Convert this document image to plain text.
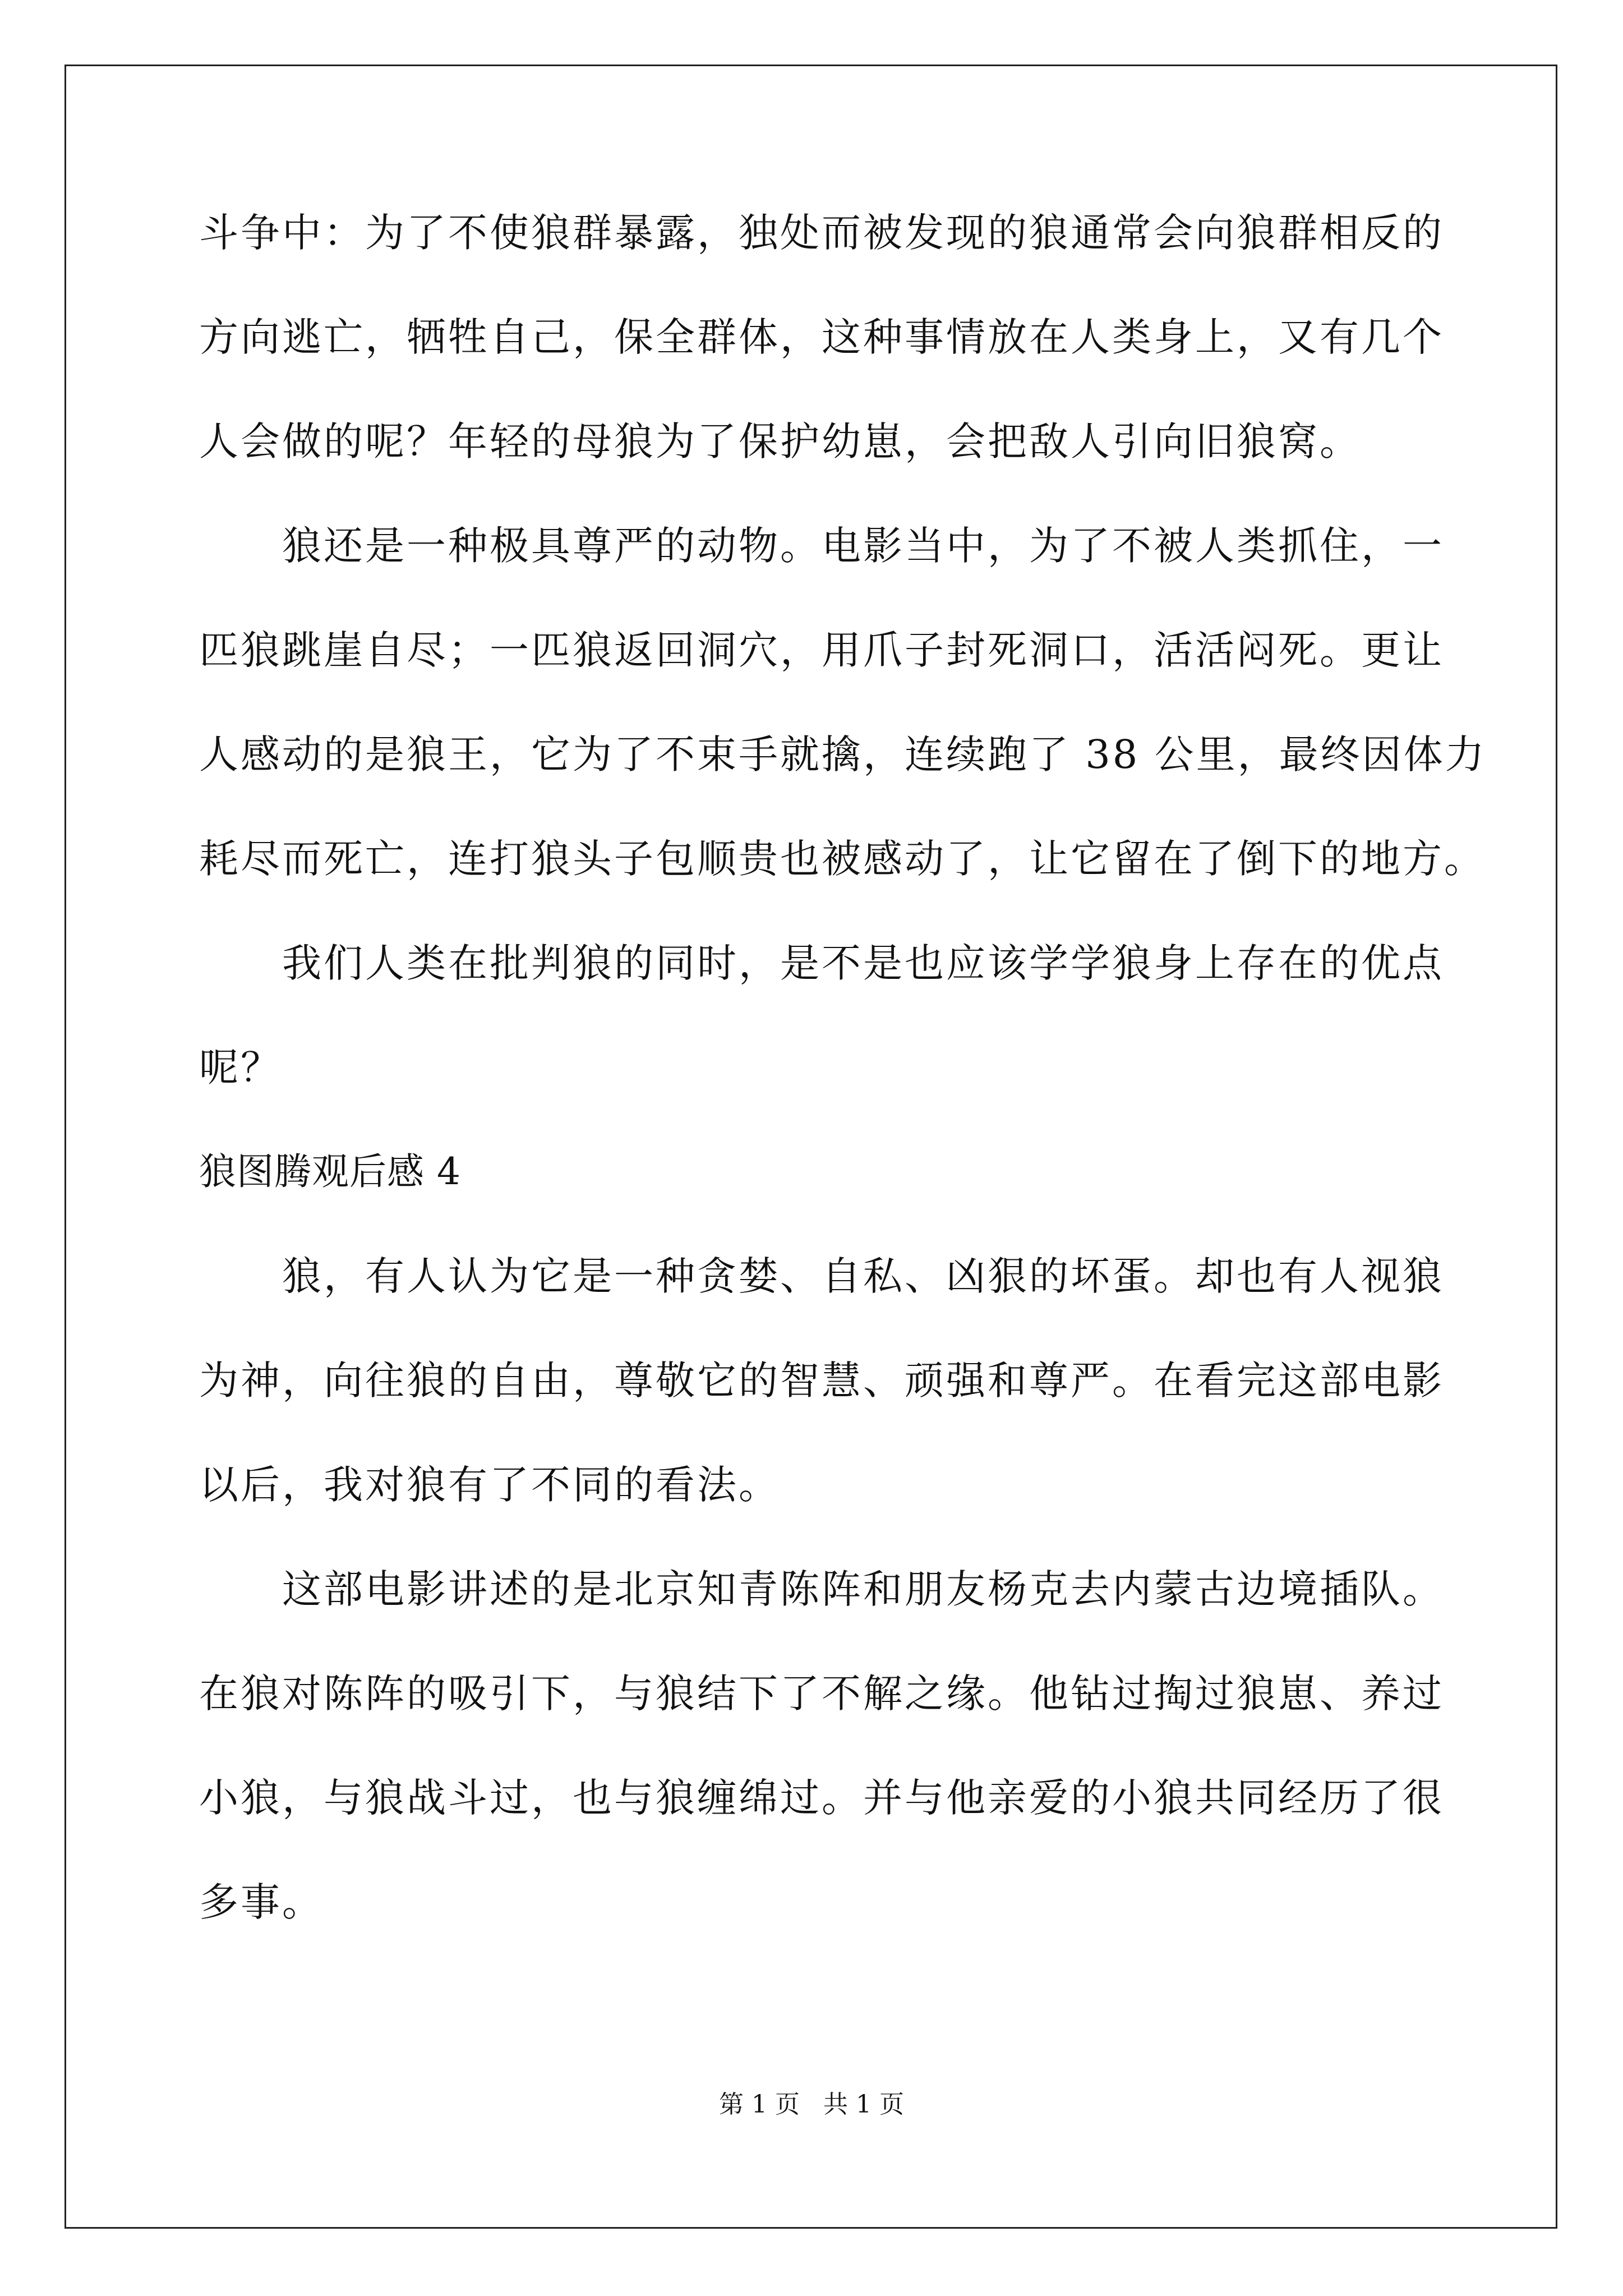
斗争中：为了不使狼群暴露，独处而被发现的狼通常会向狼群相反的
方向逃亡，牺牲自己，保全群体，这种事情放在人类身上，又有几个
人会做的呢？年轻的母狼为了保护幼崽，会把敌人引向旧狼窝。
狼还是一种极具尊严的动物。电影当中，为了不被人类抓住，一
匹狼跳崖自尽；一匹狼返回洞穴，用爪子封死洞口，活活闷死。更让
人感动的是狼王，它为了不束手就擒，连续跑了 38 公里，最终因体力
耗尽而死亡，连打狼头子包顺贵也被感动了，让它留在了倒下的地方。
我们人类在批判狼的同时，是不是也应该学学狼身上存在的优点
呢？
狼图腾观后感 4
狼，有人认为它是一种贪婪、自私、凶狠的坏蛋。却也有人视狼
为神，向往狼的自由，尊敬它的智慧、顽强和尊严。在看完这部电影
以后，我对狼有了不同的看法。
这部电影讲述的是北京知青陈阵和朋友杨克去内蒙古边境插队。
在狼对陈阵的吸引下，与狼结下了不解之缘。他钻过掏过狼崽、养过
小狼，与狼战斗过，也与狼缠绵过。并与他亲爱的小狼共同经历了很
多事。
第 1 页   共 1 页
